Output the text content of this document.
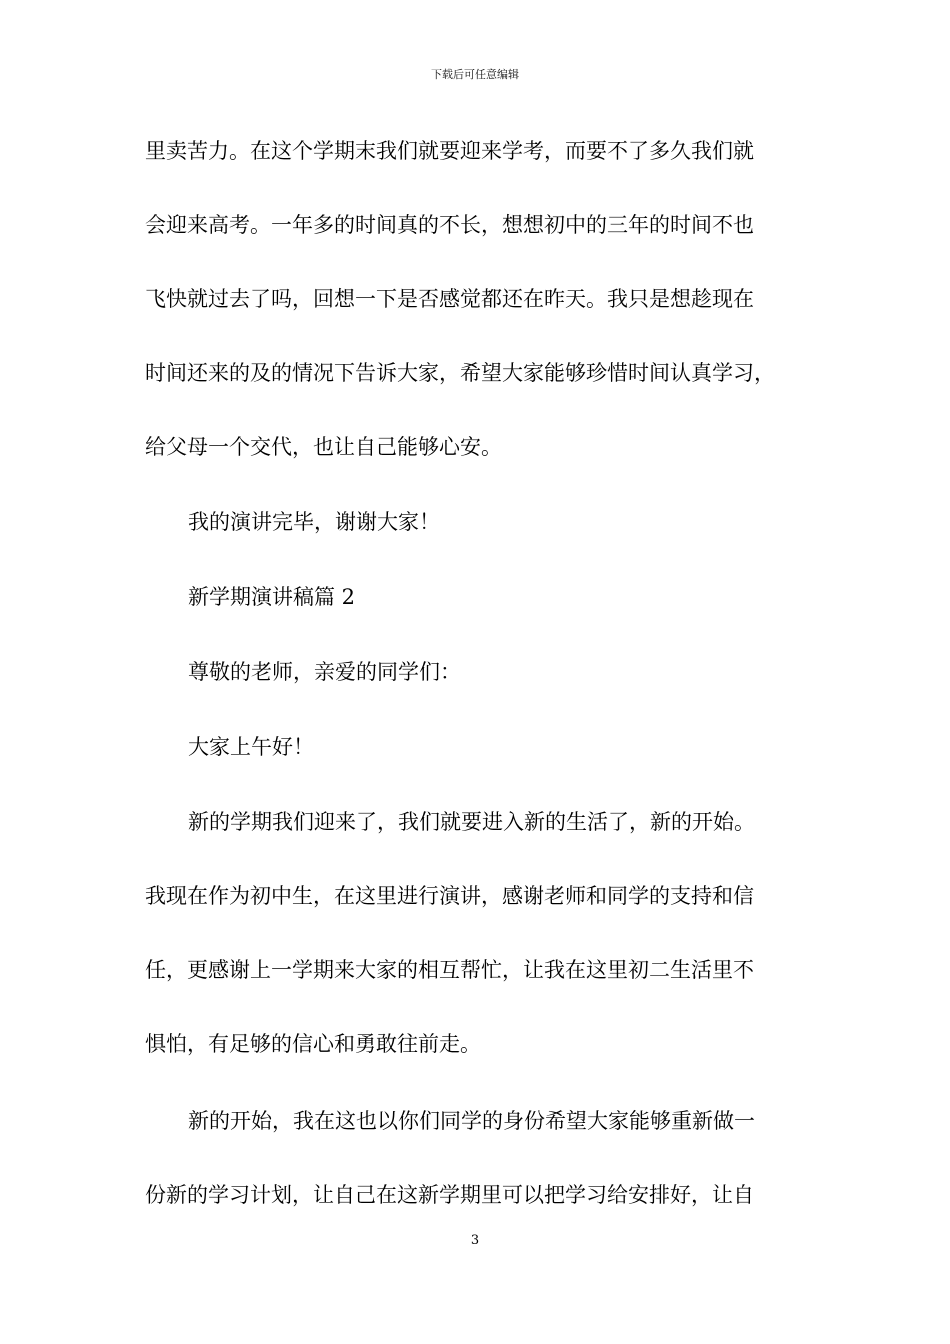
下载后可任意编辑
里卖苦力。在这个学期末我们就要迎来学考，而要不了多久我们就
会迎来高考。一年多的时间真的不长，想想初中的三年的时间不也
飞快就过去了吗，回想一下是否感觉都还在昨天。我只是想趁现在
时间还来的及的情况下告诉大家，希望大家能够珍惜时间认真学习，
给父母一个交代，也让自己能够心安。
我的演讲完毕，谢谢大家！
新学期演讲稿篇 2
尊敬的老师，亲爱的同学们：
大家上午好！
新的学期我们迎来了，我们就要进入新的生活了，新的开始。
我现在作为初中生，在这里进行演讲，感谢老师和同学的支持和信
任，更感谢上一学期来大家的相互帮忙，让我在这里初二生活里不
惧怕，有足够的信心和勇敢往前走。
新的开始，我在这也以你们同学的身份希望大家能够重新做一
份新的学习计划，让自己在这新学期里可以把学习给安排好，让自
3
